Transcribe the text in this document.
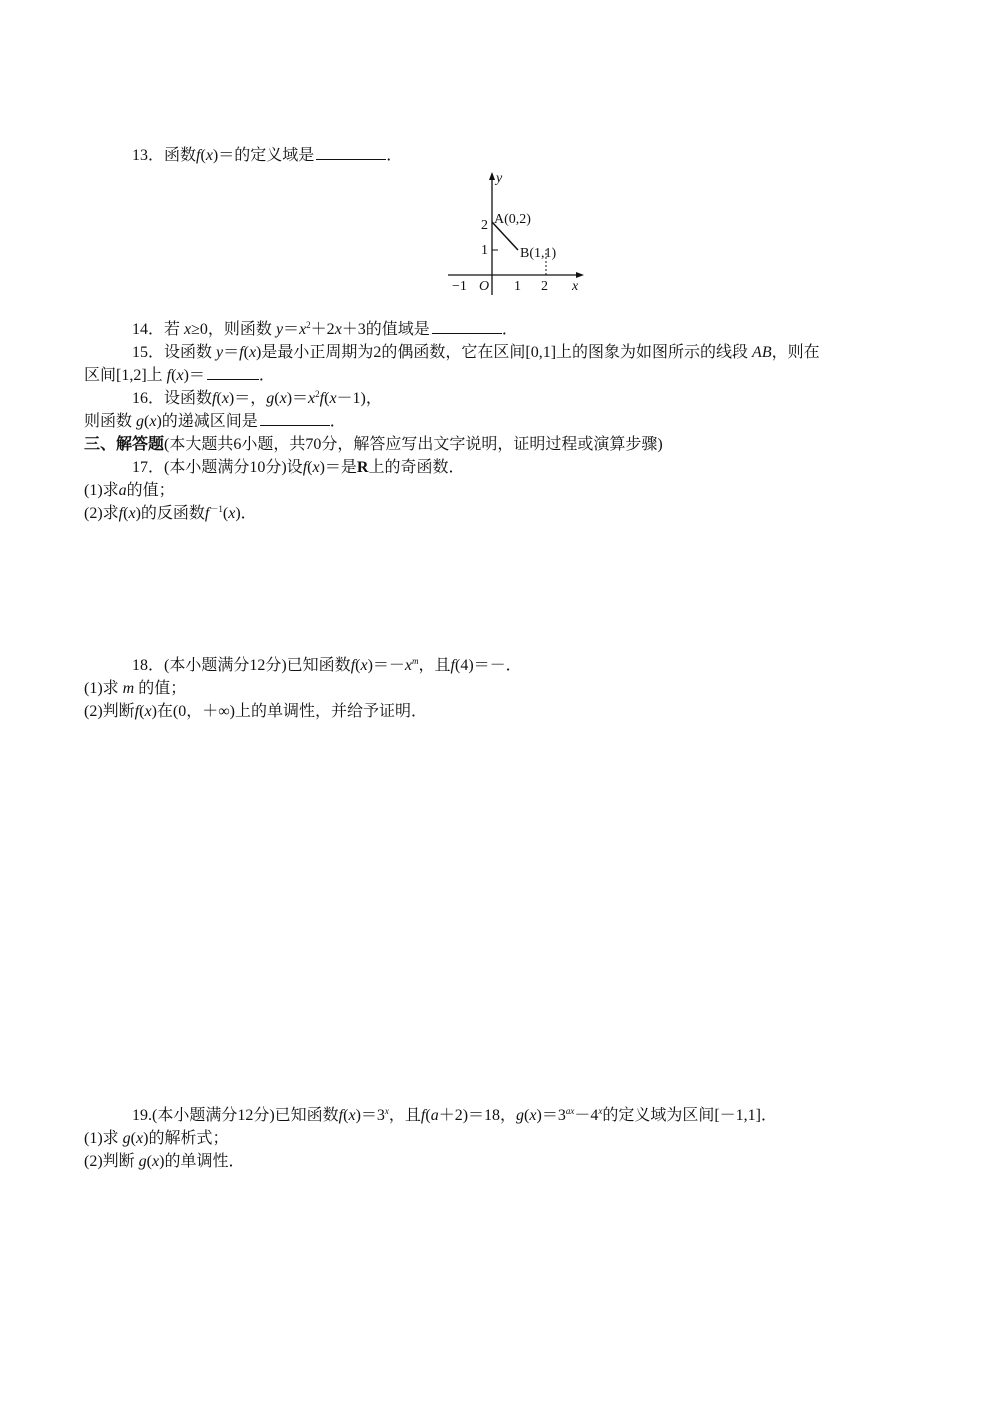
13．函数f(x)＝的定义域是	．
y
x
O
2
1
−1	1 2
A(0,2)
B(1,1)
14．若 x≥0，则函数 $y=x^2+2x+3$的值域是	．
15．设函数 y＝f(x)是最小正周期为2的偶函数，它在区间[0,1]上的图象为如图所示的线段 AB，则在
区间[1,2]上 f(x)＝	．
16．设函数f(x)＝，$g(x)=x^2f(x-1)$，
则函数 g(x)的递减区间是	．
三、解答题(本大题共6小题，共70分，解答应写出文字说明，证明过程或演算步骤)
17．(本小题满分10分)设f(x)＝是R上的奇函数．
(1)求a的值；
(2)求f(x)的反函数$f^{-1}(x)$．
18．(本小题满分12分)已知函数$f(x)=-x^m$，且f(4)＝－．
(1)求 m 的值；
(2)判断f(x)在(0，＋∞)上的单调性，并给予证明．
19.(本小题满分12分)已知函数$f(x)=3^x$，且f(a＋2)＝18，$g(x)=3^{ax}-4^x$的定义域为区间[－1,1]．
(1)求 g(x)的解析式；
(2)判断 g(x)的单调性．
